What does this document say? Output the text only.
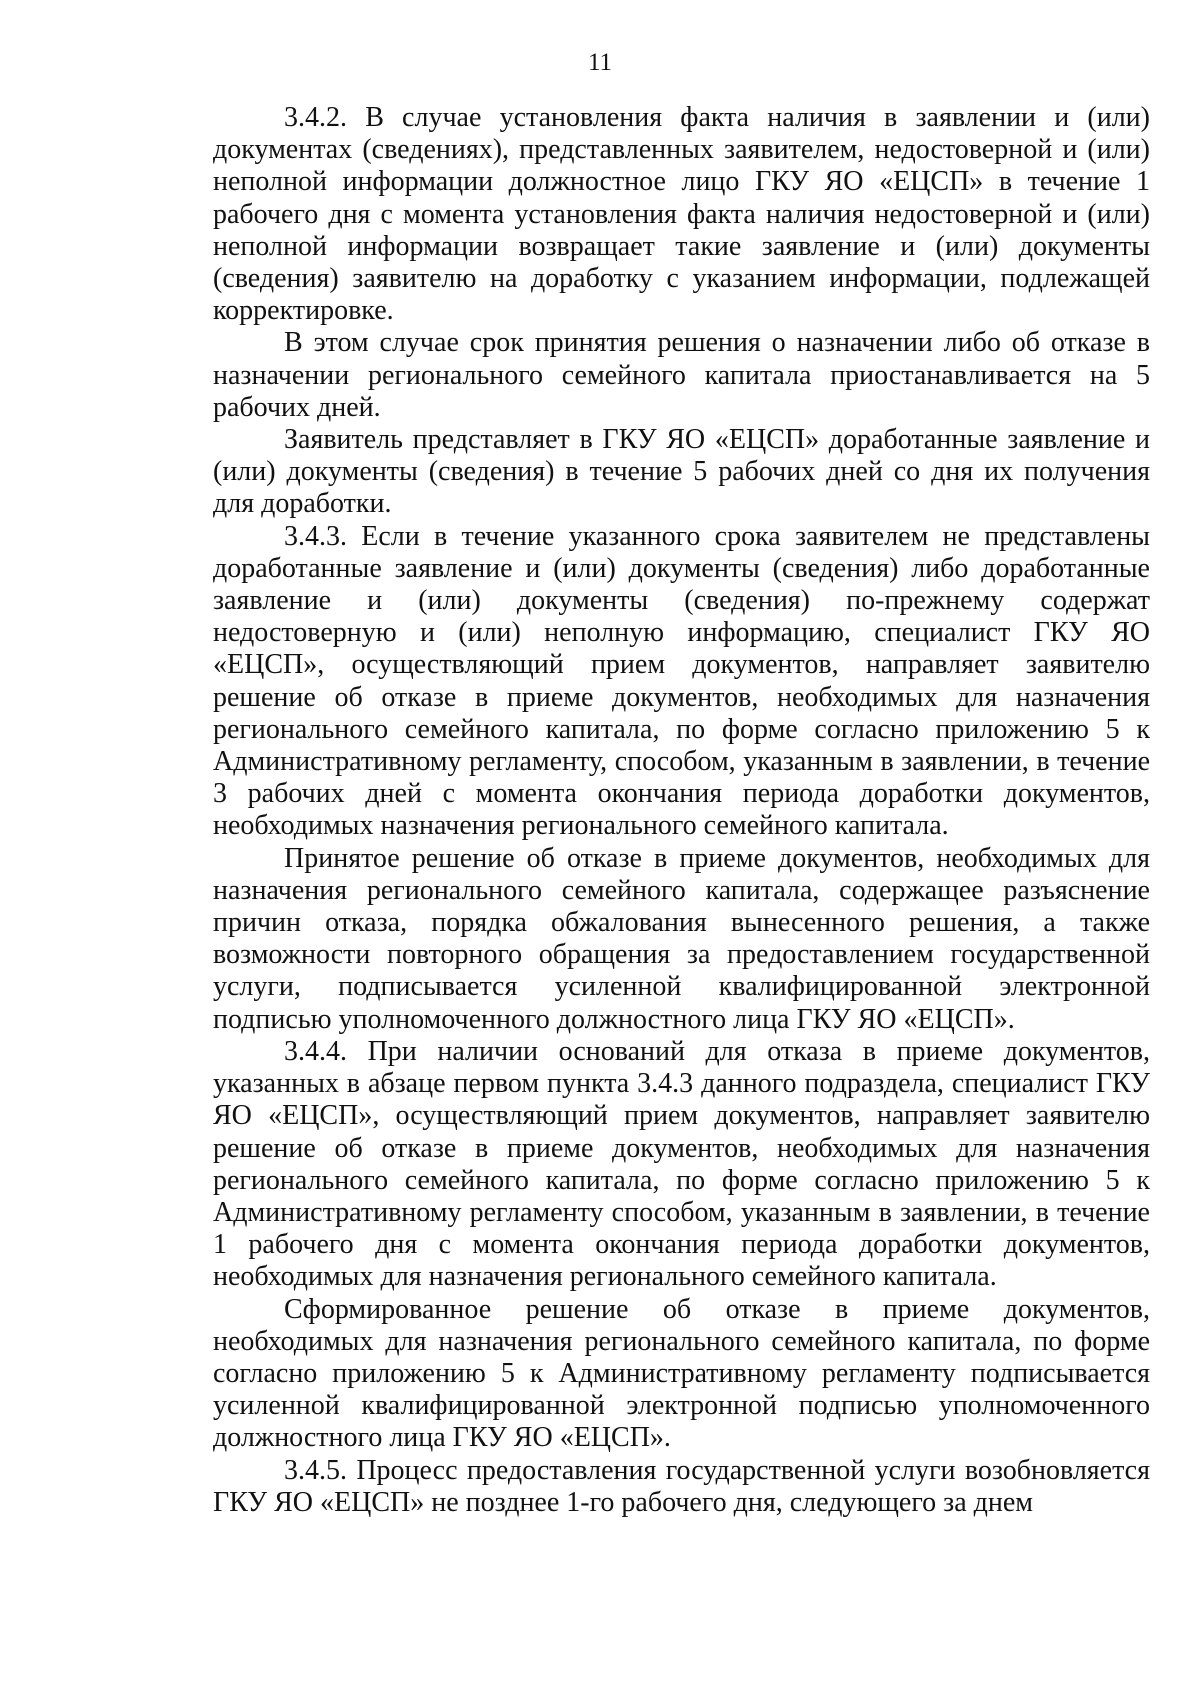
11

3.4.2. В случае установления факта наличия в заявлении и (или) документах (сведениях), представленных заявителем, недостоверной и (или) неполной информации должностное лицо ГКУ ЯО «ЕЦСП» в течение 1 рабочего дня с момента установления факта наличия недостоверной и (или) неполной информации возвращает такие заявление и (или) документы (сведения) заявителю на доработку с указанием информации, подлежащей корректировке.

В этом случае срок принятия решения о назначении либо об отказе в назначении регионального семейного капитала приостанавливается на 5 рабочих дней.

Заявитель представляет в ГКУ ЯО «ЕЦСП» доработанные заявление и (или) документы (сведения) в течение 5 рабочих дней со дня их получения для доработки.

3.4.3. Если в течение указанного срока заявителем не представлены доработанные заявление и (или) документы (сведения) либо доработанные заявление и (или) документы (сведения) по-прежнему содержат недостоверную и (или) неполную информацию, специалист ГКУ ЯО «ЕЦСП», осуществляющий прием документов, направляет заявителю решение об отказе в приеме документов, необходимых для назначения регионального семейного капитала, по форме согласно приложению 5 к Административному регламенту, способом, указанным в заявлении, в течение 3 рабочих дней с момента окончания периода доработки документов, необходимых назначения регионального семейного капитала.

Принятое решение об отказе в приеме документов, необходимых для назначения регионального семейного капитала, содержащее разъяснение причин отказа, порядка обжалования вынесенного решения, а также возможности повторного обращения за предоставлением государственной услуги, подписывается усиленной квалифицированной электронной подписью уполномоченного должностного лица ГКУ ЯО «ЕЦСП».

3.4.4. При наличии оснований для отказа в приеме документов, указанных в абзаце первом пункта 3.4.3 данного подраздела, специалист ГКУ ЯО «ЕЦСП», осуществляющий прием документов, направляет заявителю решение об отказе в приеме документов, необходимых для назначения регионального семейного капитала, по форме согласно приложению 5 к Административному регламенту способом, указанным в заявлении, в течение 1 рабочего дня с момента окончания периода доработки документов, необходимых для назначения регионального семейного капитала.

Сформированное решение об отказе в приеме документов, необходимых для назначения регионального семейного капитала, по форме согласно приложению 5 к Административному регламенту подписывается усиленной квалифицированной электронной подписью уполномоченного должностного лица ГКУ ЯО «ЕЦСП».

3.4.5. Процесс предоставления государственной услуги возобновляется ГКУ ЯО «ЕЦСП» не позднее 1-го рабочего дня, следующего за днем
